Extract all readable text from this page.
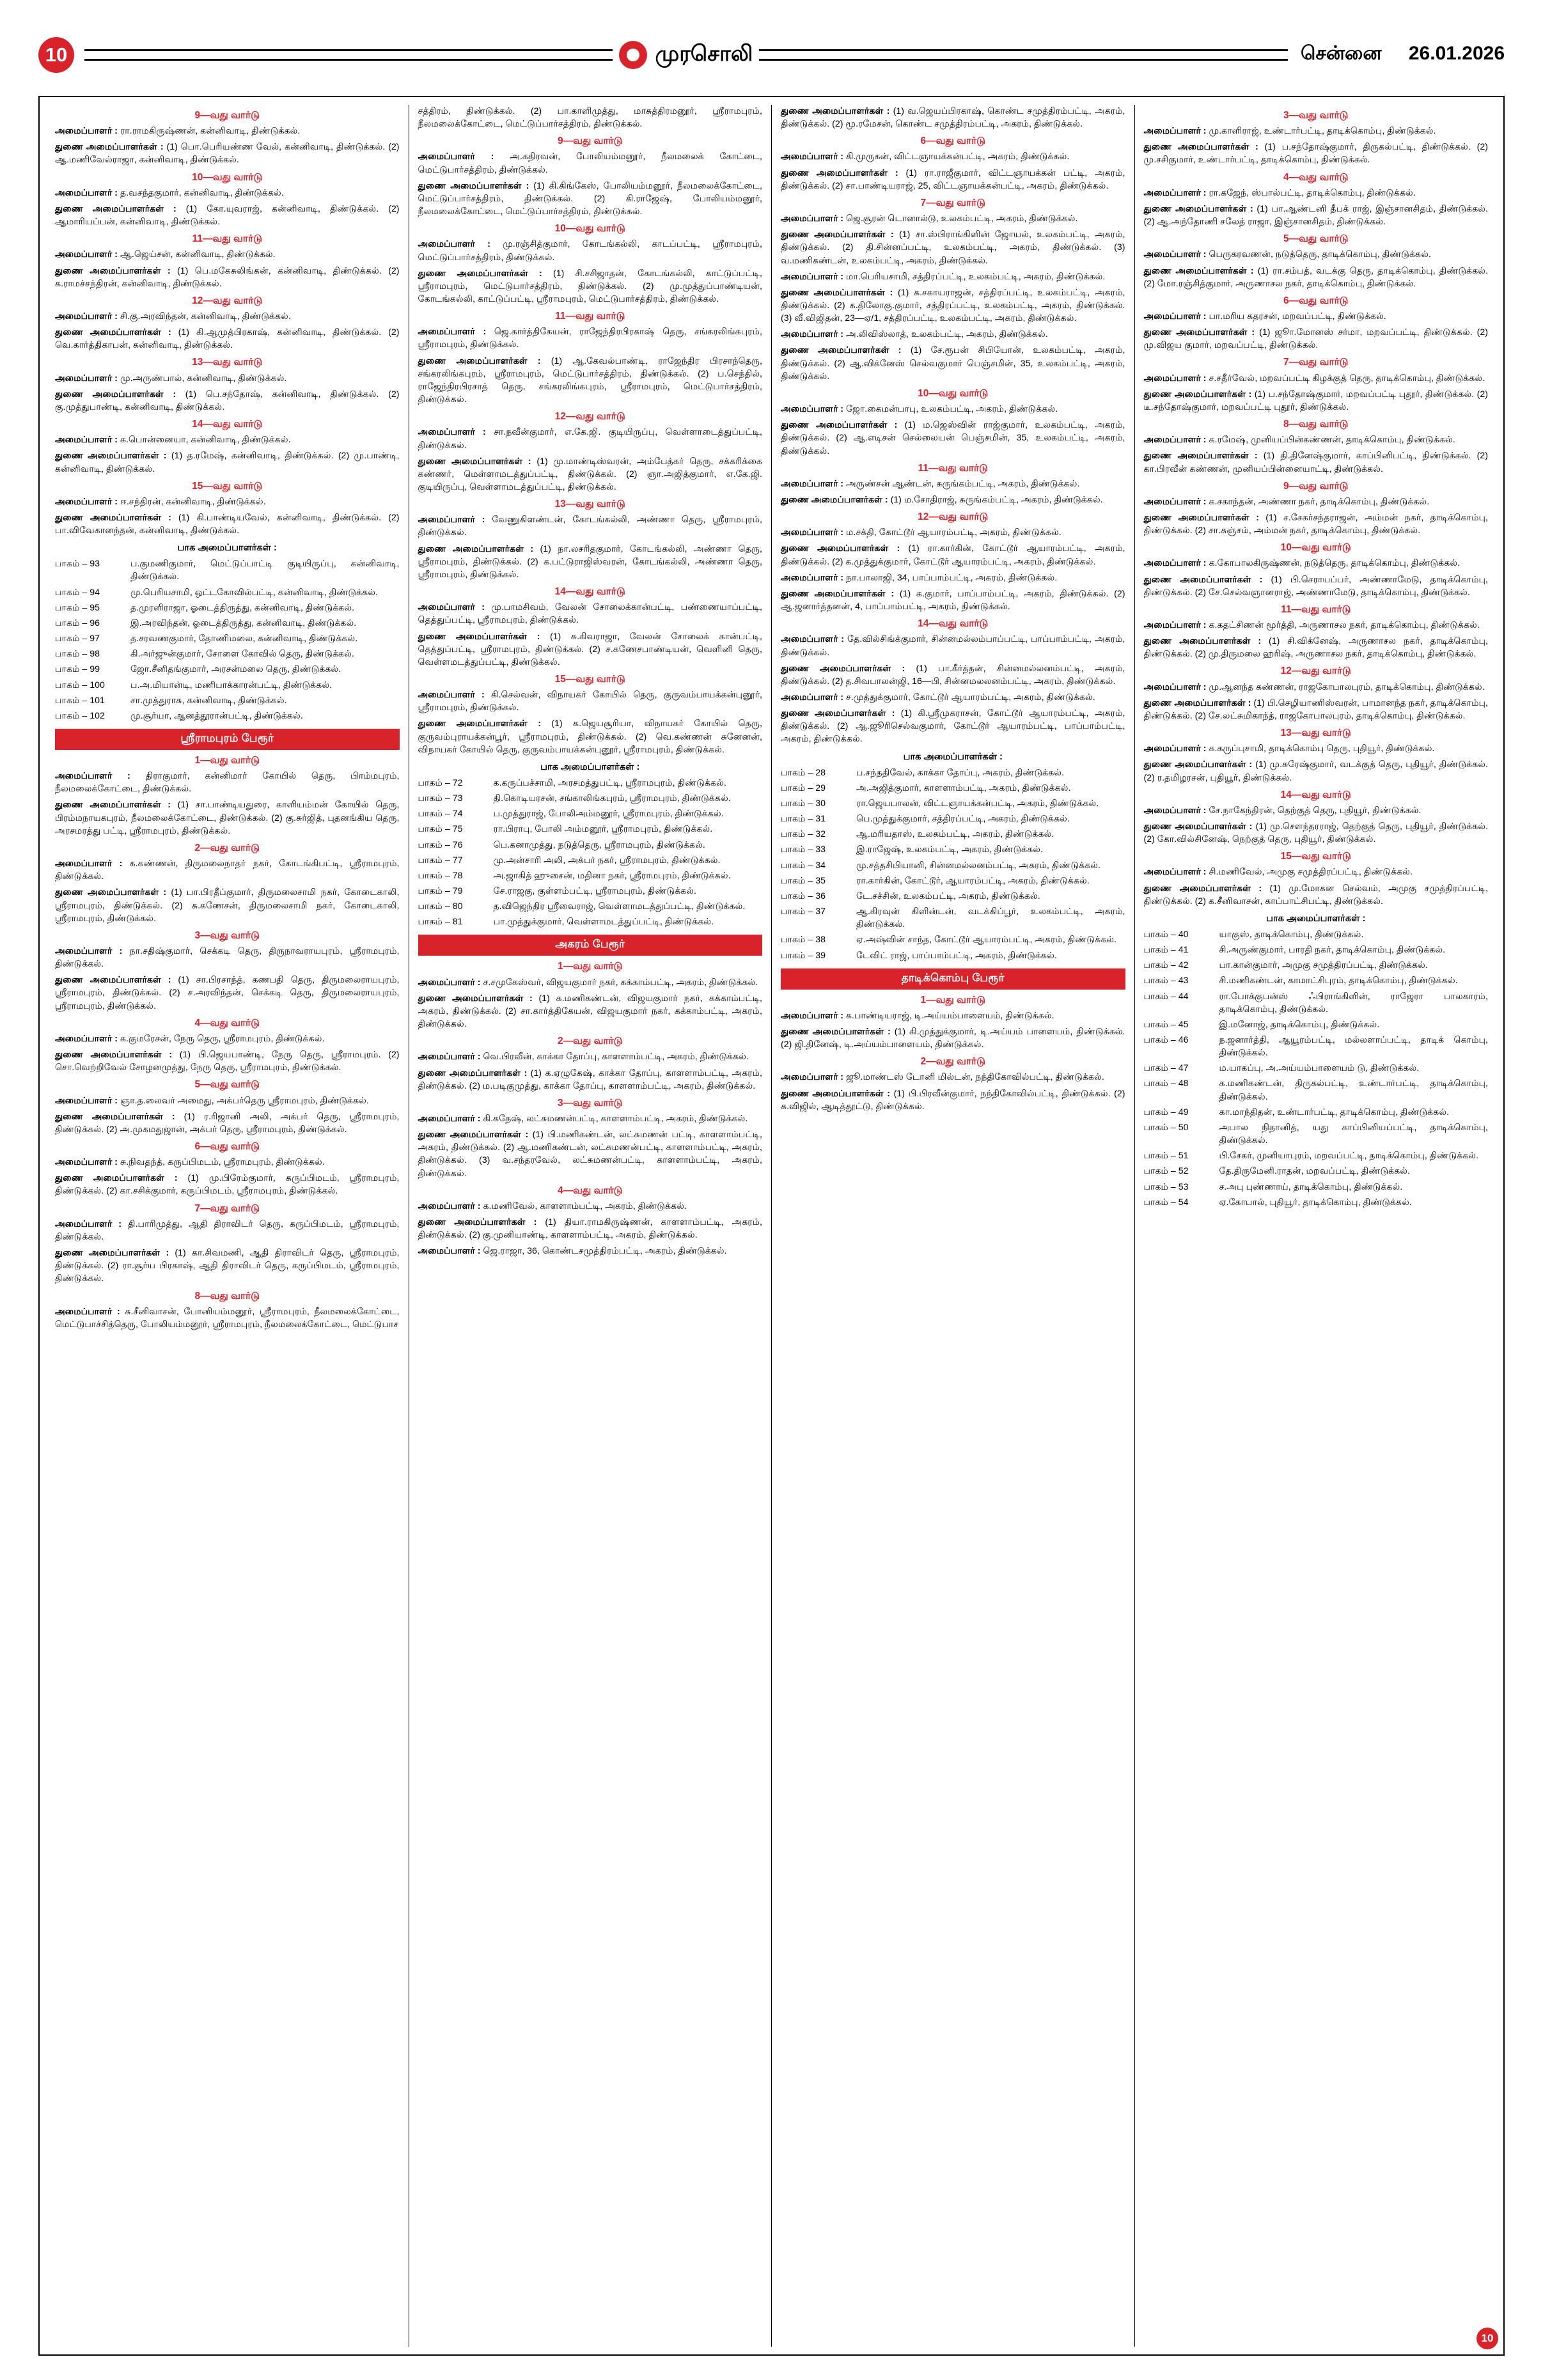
10	முரசொலி	சென்னை 26.01.2026
9—வது வார்டு
அமைப்பாளர் : ரா.ராமகிருஷ்ணன், கன்னிவாடி, திண்டுக்கல்.
துணை அமைப்பாளர்கள் : (1) பொ.பெரியண்ண வேல், கன்னிவாடி, திண்டுக்கல். (2) ஆ.மணிவேல்ராஜா, கன்னிவாடி, திண்டுக்கல்.
10—வது வார்டு
அமைப்பாளர் : த.வசந்தகுமார், கன்னிவாடி, திண்டுக்கல்.
துணை அமைப்பாளர்கள் : (1) கோ.யுவராஜ், கன்னிவாடி, திண்டுக்கல். (2) ஆமாரியப்பன், கன்னிவாடி, திண்டுக்கல்.
11—வது வார்டு
அமைப்பாளர் : ஆ.ஜெய்சன், கன்னிவாடி, திண்டுக்கல்.
துணை அமைப்பாளர்கள் : (1) பெ.மகேசுலிங்கன், கன்னிவாடி, திண்டுக்கல். (2) க.ராமச்சந்திரன், கன்னிவாடி, திண்டுக்கல்.
12—வது வார்டு
அமைப்பாளர் : சி.கு.அரவிந்தன், கன்னிவாடி, திண்டுக்கல்.
துணை அமைப்பாளர்கள் : (1) கி.ஆமுத்பிரகாஷ், கன்னிவாடி, திண்டுக்கல். (2) வெ.கார்த்திகாபன், கன்னிவாடி, திண்டுக்கல்.
13—வது வார்டு
அமைப்பாளர் : மு.அருண்பால், கன்னிவாடி, திண்டுக்கல்.
துணை அமைப்பாளர்கள் : (1) பெ.சந்தோஷ், கன்னிவாடி, திண்டுக்கல். (2) கு.முத்துபாண்டி, கன்னிவாடி, திண்டுக்கல்.
14—வது வார்டு
அமைப்பாளர் : க.பொன்னையா, கன்னிவாடி, திண்டுக்கல்.
துணை அமைப்பாளர்கள் : (1) த.ரமேஷ், கன்னிவாடி, திண்டுக்கல். (2) மு.பாண்டி, கன்னிவாடி, திண்டுக்கல்.
15—வது வார்டு
அமைப்பாளர் : ஈ.சந்திரன், கன்னிவாடி, திண்டுக்கல்.
துணை அமைப்பாளர்கள் : (1) கி.பாண்டியவேல், கன்னிவாடி, திண்டுக்கல். (2) பா.விவேகானந்தன், கன்னிவாடி, திண்டுக்கல்.
பாக அமைப்பாளர்கள் :
பாகம் – 93	ப.குமணிகுமார், மெட்டுப்பாட்டி குடியிருப்பு, கன்னிவாடி, திண்டுக்கல்.
பாகம் – 94	மு.பெரியசாமி, ஒட்டகோவில்பட்டி, கன்னிவாடி, திண்டுக்கல்.
பாகம் – 95	த.முரளிராஜா, ஓடைத்திருத்து, கன்னிவாடி, திண்டுக்கல்.
பாகம் – 96	இ.அரவிந்தன், ஓடைத்திருத்து, கன்னிவாடி, திண்டுக்கல்.
பாகம் – 97	த.சரவணகுமார், தோணிமலை, கன்னிவாடி, திண்டுக்கல்.
பாகம் – 98	கி.அர்ஜுன்குமார், சோளை கோவில் தெரு, திண்டுக்கல்.
பாகம் – 99	ஜோ.சீனிதங்குமார், அரசன்மலை தெரு, திண்டுக்கல்.
பாகம் – 100	ப.அ.மியான்டி, மணிபாக்காரன்பட்டி, திண்டுக்கல்.
பாகம் – 101	சா.முத்துராசு, கன்னிவாடி, திண்டுக்கல்.
பாகம் – 102	மு.சூர்யா, ஆனத்தூரான்பட்டி, திண்டுக்கல்.
ஸ்ரீராமபுரம் பேரூர்
1—வது வார்டு
அமைப்பாளர் : திராகுமார், கன்னிமார் கோயில் தெரு, பிாம்மபுரம், நீலமலைக்கோட்டை, திண்டுக்கல்.
துணை அமைப்பாளர்கள் : (1) சா.பாண்டியதுரை, காளியம்மன் கோயில் தெரு, பிரம்மநாயகபுரம், நீலமலைக்கோட்டை, திண்டுக்கல். (2) கு.சுர்ஜித், புதனங்கிய தெரு, அரசமரத்து பட்டி, ஸ்ரீராமபுரம், திண்டுக்கல்.
2—வது வார்டு
அமைப்பாளர் : க.கண்ணன், திருமலைநாதர் நகர், கோடங்கிபட்டி, ஸ்ரீராமபுரம், திண்டுக்கல்.
துணை அமைப்பாளர்கள் : (1) பா.பிரதீப்குமார், திருமலைசாமி நகர், கோடைகாலி, ஸ்ரீராமபுரம், திண்டுக்கல். (2) சு.கணேசன், திருமலைசாமி நகர், கோடைகாலி, ஸ்ரீராமபுரம், திண்டுக்கல்.
3—வது வார்டு
அமைப்பாளர் : நா.சதிஷ்குமார், செக்கடி தெரு, திருநாவராயபுரம், ஸ்ரீராமபுரம், திண்டுக்கல்.
துணை அமைப்பாளர்கள் : (1) சா.பிரசாந்த், கணபதி தெரு, திருமலைராயபுரம், ஸ்ரீராமபுரம், திண்டுக்கல். (2) ச.அரவிந்தன், செக்கடி தெரு, திருமலைராயபுரம், ஸ்ரீராமபுரம், திண்டுக்கல்.
4—வது வார்டு
அமைப்பாளர் : க.குமரேசன், நேரு தெரு, ஸ்ரீராமபுரம், திண்டுக்கல்.
துணை அமைப்பாளர்கள் : (1) பி.ஜெயபாண்டி, நேரு தெரு, ஸ்ரீராமபுரம். (2) சொ.வெற்றிவேல் சோழனமுத்து, நேரு தெரு, ஸ்ரீராமபுரம், திண்டுக்கல்.
5—வது வார்டு
அமைப்பாளர் : ஞா.த.லைவர் அமைது, அக்பர்தெரு ஸ்ரீராமபுரம், திண்டுக்கல்.
துணை அமைப்பாளர்கள் : (1) ர.ரிஜானி அலி, அக்பர் தெரு, ஸ்ரீராமபுரம், திண்டுக்கல். (2) அ.முகமதுஜான், அக்பர் தெரு, ஸ்ரீராமபுரம், திண்டுக்கல்.
6—வது வார்டு
அமைப்பாளர் : சு.நிவதந்த், கருப்பிமடம், ஸ்ரீராமபுரம், திண்டுக்கல்.
துணை அமைப்பாளர்கள் : (1) மு.பிரேம்குமார், கருப்பிமடம், ஸ்ரீராமபுரம், திண்டுக்கல். (2) கா.சசிக்குமார், கருப்பிமடம், ஸ்ரீராமபுரம், திண்டுக்கல்.
7—வது வார்டு
அமைப்பாளர் : தி.பாரிமுத்து, ஆதி திராவிடர் தெரு, கருப்பிமடம், ஸ்ரீராமபுரம், திண்டுக்கல்.
துணை அமைப்பாளர்கள் : (1) கா.சிவமணி, ஆதி திராவிடர் தெரு, ஸ்ரீராமபுரம், திண்டுக்கல். (2) ரா.சூர்ய பிரகாஷ், ஆதி திராவிடர் தெரு, கருப்பிமடம், ஸ்ரீராமபுரம், திண்டுக்கல்.
8—வது வார்டு
அமைப்பாளர் : சு.சீனிவாசன், போனியம்மனூர், ஸ்ரீராமபுரம், நீலமலைக்கோட்டை, மெட்டுபாச்சித்தெரு, போலியம்மனூர், ஸ்ரீராமபுரம், நீலமலைக்கோட்டை, மெட்டுபாச
சத்திரம், திண்டுக்கல். (2) பா.காளிமுத்து, மாசுத்திரமனூர், ஸ்ரீராமபுரம், நீலமலைக்கோட்டை, மெட்டுப்பார்சத்திரம், திண்டுக்கல்.
9—வது வார்டு
அமைப்பாளர் : அ.கதிரவன், போலியம்மனூர், நீலமலைக் கோட்டை, மெட்டுபார்சத்திரம், திண்டுக்கல்.
துணை அமைப்பாளர்கள் : (1) கி.கிங்கேஸ், போலியம்மனூர், நீலமலைக்கோட்டை, மெட்டுப்பார்சத்திரம், திண்டுக்கல். (2) கி.ராஜேஷ், போலியம்மனூர், நீலமலைக்கோட்டை, மெட்டுப்பார்சத்திரம், திண்டுக்கல்.
10—வது வார்டு
அமைப்பாளர் : மு.ரஞ்சித்குமார், கோடங்கல்லி, காடப்பட்டி, ஸ்ரீராமபுரம், மெட்டுப்பார்சத்திரம், திண்டுக்கல்.
துணை அமைப்பாளர்கள் : (1) சி.சசிஜாதன், கோடங்கல்லி, காட்டுப்பட்டி, ஸ்ரீராமபுரம், மெட்டுபார்சத்திரம், திண்டுக்கல். (2) மு.முத்துப்பாண்டியன், கோடங்கல்லி, காட்டுப்பட்டி, ஸ்ரீராமபுரம், மெட்டுபார்சத்திரம், திண்டுக்கல்.
11—வது வார்டு
அமைப்பாளர் : ஜெ.கார்த்திகேயன், ராஜேந்திரபிரகாஷ் தெரு, சங்கரலிங்கபுரம், ஸ்ரீராமபுரம், திண்டுக்கல்.
துணை அமைப்பாளர்கள் : (1) ஆ.கேவல்பாண்டி, ராஜேந்திர பிரசாந்தெரு, சங்கரலிங்கபுரம், ஸ்ரீராமபுரம், மெட்டுபார்சத்திரம், திண்டுக்கல். (2) ப.செந்தில், ராஜேந்திரபிரசாத் தெரு, சங்கரலிங்கபுரம், ஸ்ரீராமபுரம், மெட்டுபார்சத்திரம், திண்டுக்கல்.
12—வது வார்டு
அமைப்பாளர் : சா.நவீன்குமார், எ.கே.ஜி. குடியிருப்பு, வெள்ளாடைத்துப்பட்டி, திண்டுக்கல்.
துணை அமைப்பாளர்கள் : (1) மு.மாண்டிஸ்வரன், அம்பேத்கர் தெரு, சக்கரிக்கை கண்ணர், மெள்ளாமடத்துப்பட்டி, திண்டுக்கல். (2) ஞா.அஜித்குமார், எ.கே.ஜி. குடியிருப்பு, வெள்ளாமடத்துப்பட்டி, திண்டுக்கல்.
13—வது வார்டு
அமைப்பாளர் : வேணுகிளண்டன், கோடங்கல்லி, அண்ணா தெரு, ஸ்ரீராமபுரம், திண்டுக்கல்.
துணை அமைப்பாளர்கள் : (1) நா.லசரிதகுமார், கோடங்கல்லி, அண்ணா தெரு, ஸ்ரீராமபுரம், திண்டுக்கல். (2) க.பட்டுராஜிஸ்வரன், கோடங்கல்லி, அண்ணா தெரு, ஸ்ரீராமபுரம், திண்டுக்கல்.
14—வது வார்டு
அமைப்பாளர் : மு.பாமசிவம், வேலன் சோலைக்கான்பட்டி, பண்ணையாப்பட்டி, தெத்துப்பட்டி, ஸ்ரீராமபுரம், திண்டுக்கல்.
துணை அமைப்பாளர்கள் : (1) சு.கிவராஜா, வேலன் சோலைக் கான்பட்டி, தெத்துப்பட்டி, ஸ்ரீராமபுரம், திண்டுக்கல். (2) ச.கணேசபாண்டியன், வெளினி தெரு, வெள்ளமடத்துப்பட்டி, திண்டுக்கல்.
15—வது வார்டு
அமைப்பாளர் : கி.செல்வன், விநாயகர் கோயில் தெரு, குருவம்பாயக்கன்புனூர், ஸ்ரீராமபுரம், திண்டுக்கல்.
துணை அமைப்பாளர்கள் : (1) க.ஜெயசூரியா, விநாயகர் கோயில் தெரு, குருவம்புராயக்கன்பூர், ஸ்ரீராமபுரம், திண்டுக்கல். (2) வெ.கண்ணன் சுனேனன், விநாயகர் கோயில் தெரு, குருவம்பாயக்கன்புனூர், ஸ்ரீராமபுரம், திண்டுக்கல்.
பாக அமைப்பாளர்கள் :
பாகம் – 72	க.கருப்பச்சாமி, அரசமத்துபட்டி, ஸ்ரீராமபுரம், திண்டுக்கல்.
பாகம் – 73	தி.கொடியரசன், சங்காலிங்கபுரம், ஸ்ரீராமபுரம், திண்டுக்கல்.
பாகம் – 74	ப.முத்துராஜ், போலிஅம்மனூர், ஸ்ரீராமபுரம், திண்டுக்கல்.
பாகம் – 75	ரா.பிராபு, போலி அம்மனூர், ஸ்ரீராமபுரம், திண்டுக்கல்.
பாகம் – 76	பெ.கனாமுத்து, நடுத்தெரு, ஸ்ரீராமபுரம், திண்டுக்கல்.
பாகம் – 77	மு.அன்சாரி அலி, அக்பர் நகர், ஸ்ரீராமபுரம், திண்டுக்கல்.
பாகம் – 78	அ.ஜாகித் ஹுசைன், மதினா நகர், ஸ்ரீராமபுரம், திண்டுக்கல்.
பாகம் – 79	சே.ராஜகு, குள்ளம்பட்டி, ஸ்ரீராமபுரம், திண்டுக்கல்.
பாகம் – 80	த.விஜெந்திர ஸ்ரீவைராஜ், வெள்ளாமடத்துப்பட்டி, திண்டுக்கல்.
பாகம் – 81	பா.முத்துக்குமார், வெள்ளாமடத்துப்பட்டி, திண்டுக்கல்.
அகரம் பேரூர்
1—வது வார்டு
அமைப்பாளர் : ச.சமுகேஸ்வர், விஜயகுமார் நகர், கக்காம்பட்டி, அகரம், திண்டுக்கல்.
துணை அமைப்பாளர்கள் : (1) க.மணிகண்டன், விஜயகுமார் நகர், கக்காம்பட்டி, அகரம், திண்டுக்கல். (2) சா.கார்த்திகேயன், விஜயகுமார் நகர், கக்காம்பட்டி, அகரம், திண்டுக்கல்.
2—வது வார்டு
அமைப்பாளர் : வெ.பிரவீன், காக்கா தோப்பு, காளளாம்பட்டி, அகரம், திண்டுக்கல்.
துணை அமைப்பாளர்கள் : (1) க.ஏழுகேஷ், காக்கா தோப்பு, காளளாம்பட்டி, அகரம், திண்டுக்கல். (2) ம.படிகுமுத்து, காக்கா தோப்பு, காளளாம்பட்டி, அகரம், திண்டுக்கல்.
3—வது வார்டு
அமைப்பாளர் : கி.கதேஷ், லட்சுமணன்பட்டி, காளளாம்பட்டி, அகரம், திண்டுக்கல்.
துணை அமைப்பாளர்கள் : (1) பி.மணிகண்டன், லட்சுமணன் பட்டி, காளளாம்பட்டி, அகரம், திண்டுக்கல். (2) ஆ.மணிகண்டன், லட்சுமணன்பட்டி, காளளாம்பட்டி, அகரம், திண்டுக்கல். (3) வ.சந்தரவேல், லட்சுமணன்பட்டி, காளளாம்பட்டி, அகரம், திண்டுக்கல்.
4—வது வார்டு
அமைப்பாளர் : க.மணிவேல், காளளாம்பட்டி, அகரம், திண்டுக்கல்.
துணை அமைப்பாளர்கள் : (1) தியா.ராமகிருஷ்ணன், காளளாம்பட்டி, அகரம், திண்டுக்கல். (2) கு.முனியாண்டி, காளளாம்பட்டி, அகரம், திண்டுக்கல்.
அமைப்பாளர் : ஜெ.ராஜா, 36, கொண்டசமுத்திரம்பட்டி, அகரம், திண்டுக்கல்.
துணை அமைப்பாளர்கள் : (1) வ.ஜெயப்பிரகாஷ், கொண்ட சமுத்திரம்பட்டி, அகரம், திண்டுக்கல். (2) மூ.ரமேசன், கொண்ட சமுத்திரம்பட்டி, அகரம், திண்டுக்கல்.
6—வது வார்டு
அமைப்பாளர் : கி.முருகன், விட்டஞாயக்கன்பட்டி, அகரம், திண்டுக்கல்.
துணை அமைப்பாளர்கள் : (1) ரா.ராஜீகுமார், விட்டஞாயக்கன் பட்டி, அகரம், திண்டுக்கல். (2) சா.பாண்டியராஜ், 25, விட்டஞாயக்கன்பட்டி, அகரம், திண்டுக்கல்.
7—வது வார்டு
அமைப்பாளர் : ஜெ.சூரன் டொனால்டு, உலகம்பட்டி, அகரம், திண்டுக்கல்.
துணை அமைப்பாளர்கள் : (1) சா.ஸ்பிராங்கிளின் ஜோயல், உலகம்பட்டி, அகரம், திண்டுக்கல். (2) தி.சின்னப்பட்டி, உலகம்பட்டி, அகரம், திண்டுக்கல். (3) வ.மணிகண்டன், உலகம்பட்டி, அகரம், திண்டுக்கல்.
அமைப்பாளர் : மா.பெரியசாமி, சத்திரப்பட்டி, உலகம்பட்டி, அகரம், திண்டுக்கல்.
துணை அமைப்பாளர்கள் : (1) க.சகாயராஜன், சத்திரப்பட்டி, உலகம்பட்டி, அகரம், திண்டுக்கல். (2) க.திலோகு.குமார், சத்திரப்பட்டி, உலகம்பட்டி, அகரம், திண்டுக்கல். (3) வீ.விஜிதன், 23—ஏ/1, சத்திரப்பட்டி, உலகம்பட்டி, அகரம், திண்டுக்கல்.
அமைப்பாளர் : அ.லிவிஸ்லாத், உலகம்பட்டி, அகரம், திண்டுக்கல்.
துணை அமைப்பாளர்கள் : (1) சே.ரூபன் சிபியோன், உலகம்பட்டி, அகரம், திண்டுக்கல். (2) ஆ.விக்னேஸ் செல்வகுமார் பெஞ்சமின், 35, உலகம்பட்டி, அகரம், திண்டுக்கல்.
10—வது வார்டு
அமைப்பாளர் : ஜோ.கைமன்பாபு, உலகம்பட்டி, அகரம், திண்டுக்கல்.
துணை அமைப்பாளர்கள் : (1) ம.ஜெஸ்வின் ராஜ்குமார், உலகம்பட்டி, அகரம், திண்டுக்கல். (2) ஆ.எடிசன் செல்லையன் பெஞ்சமின், 35, உலகம்பட்டி, அகரம், திண்டுக்கல்.
11—வது வார்டு
அமைப்பாளர் : அருண்சன் ஆண்டன், சுருங்கம்பட்டி, அகரம், திண்டுக்கல்.
துணை அமைப்பாளர்கள் : (1) ம.சோதிராஜ், சுருங்கம்பட்டி, அகரம், திண்டுக்கல்.
12—வது வார்டு
அமைப்பாளர் : ம.சக்தி, கோட்டூர் ஆயாரம்பட்டி, அகரம், திண்டுக்கல்.
துணை அமைப்பாளர்கள் : (1) ரா.கார்கின், கோட்டூர் ஆயாரம்பட்டி, அகரம், திண்டுக்கல். (2) க.முத்துக்குமார், கோட்டூர் ஆயாரம்பட்டி, அகரம், திண்டுக்கல்.
அமைப்பாளர் : நா.பாலாஜி, 34, பாப்பாம்பட்டி, அகரம், திண்டுக்கல்.
துணை அமைப்பாளர்கள் : (1) க.குமார், பாப்பாம்பட்டி, அகரம், திண்டுக்கல். (2) ஆ.ஜனார்த்தனன், 4, பாப்பாம்பட்டி, அகரம், திண்டுக்கல்.
14—வது வார்டு
அமைப்பாளர் : தே.வில்சிங்க்குமார், சின்னமல்லம்பாப்பட்டி, பாப்பாம்பட்டி, அகரம், திண்டுக்கல்.
துணை அமைப்பாளர்கள் : (1) பா.கீர்த்தன், சின்னமல்லனம்பட்டி, அகரம், திண்டுக்கல். (2) த.சிவபாலன்ஜி, 16—பி, சின்னமலலனம்பட்டி, அகரம், திண்டுக்கல்.
அமைப்பாளர் : ச.முத்துக்குமார், கோட்டூர் ஆயாரம்பட்டி, அகரம், திண்டுக்கல்.
துணை அமைப்பாளர்கள் : (1) கி.ஸ்ரீமுகராசன், கோட்டூர் ஆயாரம்பட்டி, அகரம், திண்டுக்கல். (2) ஆ.ஜூரிசெல்வகுமார், கோட்டூர் ஆயாரம்பட்டி, பாப்பாம்பட்டி, அகரம், திண்டுக்கல்.
பாக அமைப்பாளர்கள் :
பாகம் – 28	ப.சந்ததிவேல், காக்கா தோப்பு, அகரம், திண்டுக்கல்.
பாகம் – 29	அ.அஜித்குமார், காளளாம்பட்டி, அகரம், திண்டுக்கல்.
பாகம் – 30	ரா.ஜெயபாலன், விட்டஞாயக்கன்பட்டி, அகரம், திண்டுக்கல்.
பாகம் – 31	பெ.முத்துக்குமார், சத்திரப்பட்டி, அகரம், திண்டுக்கல்.
பாகம் – 32	ஆ.மரியதாஸ், உலகம்பட்டி, அகரம், திண்டுக்கல்.
பாகம் – 33	இ.ராஜேஷ், உலகம்பட்டி, அகரம், திண்டுக்கல்.
பாகம் – 34	மு.சத்தசிபியானி, சின்னமல்லனம்பட்டி, அகரம், திண்டுக்கல்.
பாகம் – 35	ரா.கார்கின், கோட்டூர், ஆயாரம்பட்டி, அகரம், திண்டுக்கல்.
பாகம் – 36	டே.சச்சின், உலகம்பட்டி, அகரம், திண்டுக்கல்.
பாகம் – 37	ஆ.கிரவுன் கிளின்டன், வடக்கிப்பூர், உலகம்பட்டி, அகரம், திண்டுக்கல்.
பாகம் – 38	ஏ.அஷ்வின் சாந்த, கோட்டூர் ஆயாரம்பட்டி, அகரம், திண்டுக்கல்.
பாகம் – 39	டேவிட் ராஜ், பாப்பாம்பட்டி, அகரம், திண்டுக்கல்.
தாடிக்கொம்பு பேரூர்
1—வது வார்டு
அமைப்பாளர் : க.பாண்டியராஜ், டி.அய்யம்பாளையம், திண்டுக்கல்.
துணை அமைப்பாளர்கள் : (1) கி.முத்துக்குமார், டி.அய்யம் பாளையம், திண்டுக்கல். (2) ஜி.தினேஷ், டி.அய்யம்பாளையம், திண்டுக்கல்.
2—வது வார்டு
அமைப்பாளர் : ஜூ.மாண்டஸ் டோனி மில்டன், நந்திகோவில்பட்டி, திண்டுக்கல்.
துணை அமைப்பாளர்கள் : (1) பி.பிரவீன்குமார், நந்திகோவில்பட்டி, திண்டுக்கல். (2) க.விஜில், ஆடித்தூட்டு, திண்டுக்கல்.
3—வது வார்டு
அமைப்பாளர் : மு.காளிராஜ், உண்டார்பட்டி, தாடிக்கொம்பு, திண்டுக்கல்.
துணை அமைப்பாளர்கள் : (1) ப.சந்தோஷ்குமார், திருகல்பட்டி, திண்டுக்கல். (2) மு.சசிகுமார், உண்டார்பட்டி, தாடிக்கொம்பு, திண்டுக்கல்.
4—வது வார்டு
அமைப்பாளர் : ரா.கஜேந், ஸ்பால்பட்டி, தாடிக்கொம்பு, திண்டுக்கல்.
துணை அமைப்பாளர்கள் : (1) பா.ஆண்டனி தீபக் ராஜ், இஞ்சானசிதம், திண்டுக்கல். (2) ஆ.அந்தோணி சலேத் ராஜா, இஞ்சானசிதம், திண்டுக்கல்.
5—வது வார்டு
அமைப்பாளர் : பெருகரவணன், நடுத்தெரு, தாடிக்கொம்பு, திண்டுக்கல்.
துணை அமைப்பாளர்கள் : (1) ரா.சம்பத், வடக்கு தெரு, தாடிக்கொம்பு, திண்டுக்கல். (2) மோ.ரஞ்சித்குமார், அருணாசல நகர், தாடிக்கொம்பு, திண்டுக்கல்.
6—வது வார்டு
அமைப்பாளர் : பா.மரிய கதரசன், மறவப்பட்டி, திண்டுக்கல்.
துணை அமைப்பாளர்கள் : (1) ஜூா.மோனஸ் சர்மா, மறவப்பட்டி, திண்டுக்கல். (2) மு.விஜய குமார், மறவப்பட்டி, திண்டுக்கல்.
7—வது வார்டு
அமைப்பாளர் : ச.சதீர்வேல், மறவப்பட்டி கிழக்குத் தெரு, தாடிக்கொம்பு, திண்டுக்கல்.
துணை அமைப்பாளர்கள் : (1) ப.சந்தோஷ்குமார், மறவப்பட்டி புதூர், திண்டுக்கல். (2) டீ.சந்தோஷ்குமார், மறவப்பட்டி புதூர், திண்டுக்கல்.
8—வது வார்டு
அமைப்பாளர் : க.ரமேஷ், முனியப்பின்கண்ணன், தாடிக்கொம்பு, திண்டுக்கல்.
துணை அமைப்பாளர்கள் : (1) தி.தினேஷ்குமார், காப்பினிபட்டி, திண்டுக்கல். (2) கா.பிரவீன் கண்ணன், முனியப்பின்னையாட்டி, திண்டுக்கல்.
9—வது வார்டு
அமைப்பாளர் : க.சகாந்தன், அண்ணா நகர், தாடிக்கொம்பு, திண்டுக்கல்.
துணை அமைப்பாளர்கள் : (1) ச.சேகர்சந்தராஜன், அம்மன் நகர், தாடிக்கொம்பு, திண்டுக்கல். (2) சா.சுஞ்சம், அம்மன் நகர், தாடிக்கொம்பு, திண்டுக்கல்.
10—வது வார்டு
அமைப்பாளர் : க.கோபாலகிருஷ்ணன், நடுத்தெரு, தாடிக்கொம்பு, திண்டுக்கல்.
துணை அமைப்பாளர்கள் : (1) பி.செராயப்பர், அண்ணாமேடு, தாடிக்கொம்பு, திண்டுக்கல். (2) சே.செல்வஞானராஜ், அண்ணாமேடு, தாடிக்கொம்பு, திண்டுக்கல்.
11—வது வார்டு
அமைப்பாளர் : க.கதட்சிணன் மூர்த்தி, அருணாசல நகர், தாடிக்கொம்பு, திண்டுக்கல்.
துணை அமைப்பாளர்கள் : (1) சி.விக்னேஷ், அருணாசல நகர், தாடிக்கொம்பு, திண்டுக்கல். (2) மு.திருமலை ஹரிஷ், அருணாசல நகர், தாடிக்கொம்பு, திண்டுக்கல்.
12—வது வார்டு
அமைப்பாளர் : மு.ஆனந்த கண்ணன், ராஜகோபாலபுரம், தாடிக்கொம்பு, திண்டுக்கல்.
துணை அமைப்பாளர்கள் : (1) பி.செழியாணிஸ்வரன், பாமானந்த நகர், தாடிக்கொம்பு, திண்டுக்கல். (2) சே.லட்சுமிகாந்த், ராஜகோபாலபுரம், தாடிக்கொம்பு, திண்டுக்கல்.
13—வது வார்டு
அமைப்பாளர் : க.கருப்புசாமி, தாடிக்கொம்பு தெரு, புதியூர், திண்டுக்கல்.
துணை அமைப்பாளர்கள் : (1) மு.சுரேஷ்குமார், வடக்குத் தெரு, புதியூர், திண்டுக்கல். (2) ர.தமிழரசன், புதியூர், திண்டுக்கல்.
14—வது வார்டு
அமைப்பாளர் : சே.நாகேந்திரன், தெற்குத் தெரு, புதியூர், திண்டுக்கல்.
துணை அமைப்பாளர்கள் : (1) மு.செளந்தரராஜ், தெற்குத் தெரு, புதியூர், திண்டுக்கல். (2) கோ.வில்சினேஷ், நெற்குத் தெரு, புதியூர், திண்டுக்கல்.
15—வது வார்டு
அமைப்பாளர் : சி.மணிவேல், அமுகு சமுத்திரப்பட்டி, திண்டுக்கல்.
துணை அமைப்பாளர்கள் : (1) மு.மோகன செல்வம், அமுகு சமுத்திரப்பட்டி, திண்டுக்கல். (2) க.சீனிவாசன், காப்பாட்சிபட்டி, திண்டுக்கல்.
பாக அமைப்பாளர்கள் :
பாகம் – 40	யாகுஸ், தாடிக்கொம்பு, திண்டுக்கல்.
பாகம் – 41	சி.அருண்குமார், பாரதி நகர், தாடிக்கொம்பு, திண்டுக்கல்.
பாகம் – 42	பா.கான்குமார், அமுகு சமுத்திரப்பட்டி, திண்டுக்கல்.
பாகம் – 43	சி.மணிகண்டன், காமாட்சிபுரம், தாடிக்கொம்பு, திண்டுக்கல்.
பாகம் – 44	ரா.போக்குபன்ஸ் ஃபிராங்கிளின், ராஜேரா பாலகாரம், தாடிக்கொம்பு, திண்டுக்கல்.
பாகம் – 45	இ.மனோஜ், தாடிக்கொம்பு, திண்டுக்கல்.
பாகம் – 46	ந.ஜனார்த்தி, ஆயூரம்பட்டி, மல்லளாப்பட்டி, தாடிக் கொம்பு, திண்டுக்கல்.
பாகம் – 47	ம.யாகப்பு, அ.அய்யம்பாளையம் டு, திண்டுக்கல்.
பாகம் – 48	க.மணிகண்டன், திருகல்பட்டி, உண்டார்பட்டி, தாடிக்கொம்பு, திண்டுக்கல்.
பாகம் – 49	கா.மாந்திதன், உண்டார்பட்டி, தாடிக்கொம்பு, திண்டுக்கல்.
பாகம் – 50	அபால நிதானித், யது காப்பினியப்பட்டி, தாடிக்கொம்பு, திண்டுக்கல்.
பாகம் – 51	பி.சேகர், முனியாபுரம், மறவப்பட்டி, தாடிக்கொம்பு, திண்டுக்கல்.
பாகம் – 52	தே.திருமேனி.ராதன், மறவப்பட்டி, திண்டுக்கல்.
பாகம் – 53	ச.அபு புண்ணாய், தாடிக்கொம்பு, திண்டுக்கல்.
பாகம் – 54	ஏ.கோபால், புதியூர், தாடிக்கொம்பு, திண்டுக்கல்.
10
